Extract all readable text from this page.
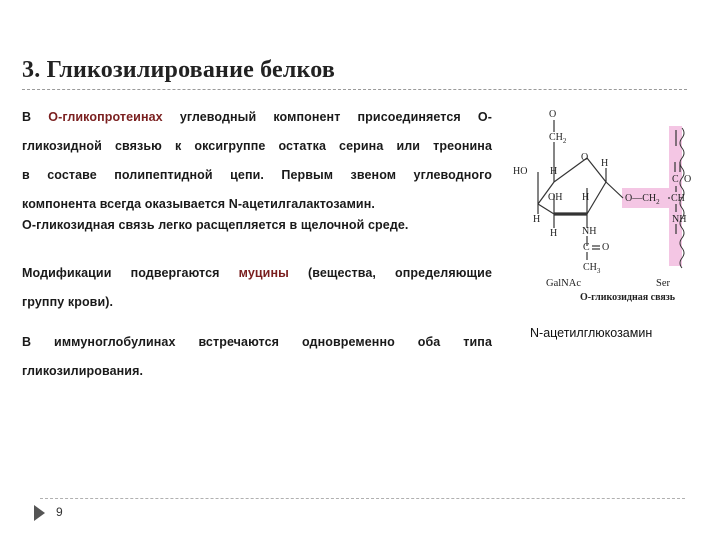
3. Гликозилирование белков
В О-гликопротеинах углеводный компонент присоединяется О-
гликозидной связью к оксигруппе остатка серина или треонина
в составе полипептидной цепи. Первым звеном углеводного
компонента всегда оказывается N-ацетилгалактозамин.
О-гликозидная связь легко расщепляется в щелочной среде.
Модификации подвергаются муцины (вещества, определяющие
группу крови).
В иммуноглобулинах встречаются одновременно оба типа
гликозилирования.
O
$CH_2$
O
HO H
H
OH H
H
H NH
C O
$CH_3$
$O—CH_2$
C O
CH
NH
GalNAc	Ser
О-гликозидная связь
N-ацетилглюкозамин
9
